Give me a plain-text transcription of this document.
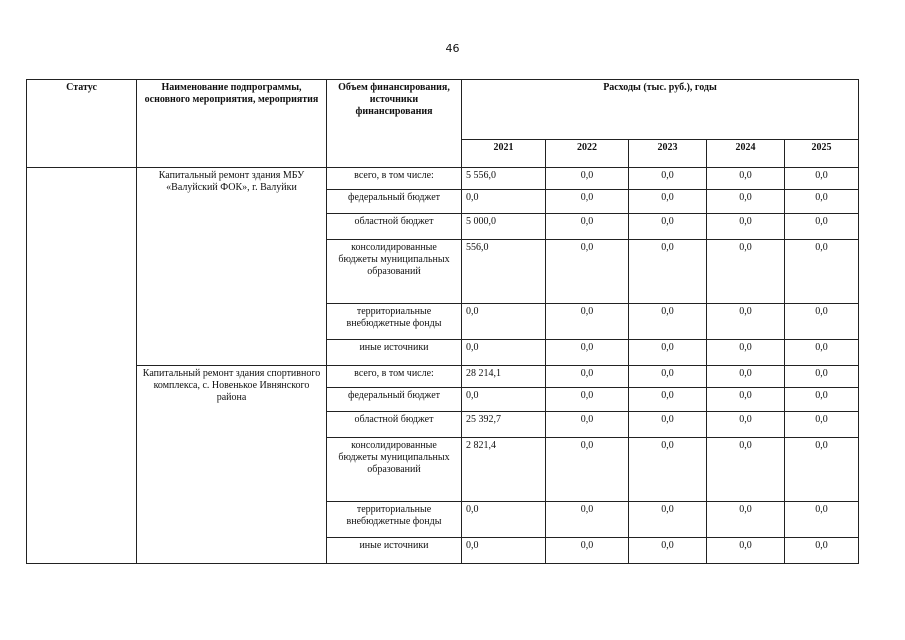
46
Статус	Наименование подпрограммы, основного мероприятия, мероприятия	Объем финансирования, источники финансирования	Расходы (тыс. руб.), годы				
			2021	2022	2023	2024	2025
	Капитальный ремонт здания МБУ «Валуйский ФОК», г. Валуйки	всего, в том числе:	5 556,0	0,0	0,0	0,0	0,0
		федеральный бюджет	0,0	0,0	0,0	0,0	0,0
		областной бюджет	5 000,0	0,0	0,0	0,0	0,0
		консолидированные бюджеты муниципальных образований	556,0	0,0	0,0	0,0	0,0
		территориальные внебюджетные фонды	0,0	0,0	0,0	0,0	0,0
		иные источники	0,0	0,0	0,0	0,0	0,0
	Капитальный ремонт здания спортивного комплекса, с. Новенькое Ивнянского района	всего, в том числе:	28 214,1	0,0	0,0	0,0	0,0
		федеральный бюджет	0,0	0,0	0,0	0,0	0,0
		областной бюджет	25 392,7	0,0	0,0	0,0	0,0
		консолидированные бюджеты муниципальных образований	2 821,4	0,0	0,0	0,0	0,0
		территориальные внебюджетные фонды	0,0	0,0	0,0	0,0	0,0
		иные источники	0,0	0,0	0,0	0,0	0,0
